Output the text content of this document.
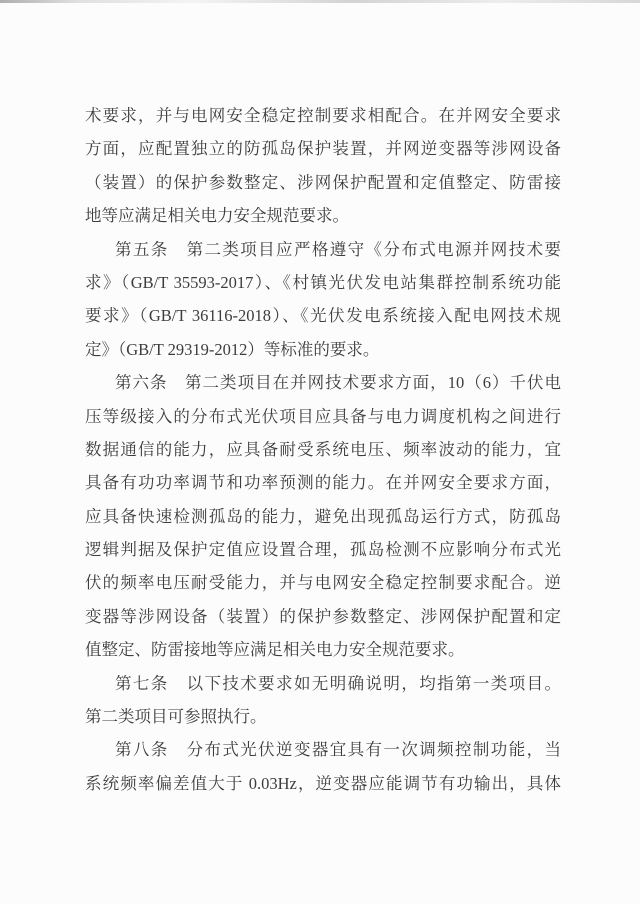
术要求，并与电网安全稳定控制要求相配合。在并网安全要求
方面，应配置独立的防孤岛保护装置，并网逆变器等涉网设备
（装置）的保护参数整定、涉网保护配置和定值整定、防雷接
地等应满足相关电力安全规范要求。
第五条　第二类项目应严格遵守《分布式电源并网技术要
求》（GB/T 35593-2017）、《村镇光伏发电站集群控制系统功能
要求》（GB/T 36116-2018）、《光伏发电系统接入配电网技术规
定》（GB/T 29319-2012）等标准的要求。
第六条　第二类项目在并网技术要求方面，10（6）千伏电
压等级接入的分布式光伏项目应具备与电力调度机构之间进行
数据通信的能力，应具备耐受系统电压、频率波动的能力，宜
具备有功功率调节和功率预测的能力。在并网安全要求方面，
应具备快速检测孤岛的能力，避免出现孤岛运行方式，防孤岛
逻辑判据及保护定值应设置合理，孤岛检测不应影响分布式光
伏的频率电压耐受能力，并与电网安全稳定控制要求配合。逆
变器等涉网设备（装置）的保护参数整定、涉网保护配置和定
值整定、防雷接地等应满足相关电力安全规范要求。
第七条　以下技术要求如无明确说明，均指第一类项目。
第二类项目可参照执行。
第八条　分布式光伏逆变器宜具有一次调频控制功能，当
系统频率偏差值大于 0.03Hz，逆变器应能调节有功输出，具体
